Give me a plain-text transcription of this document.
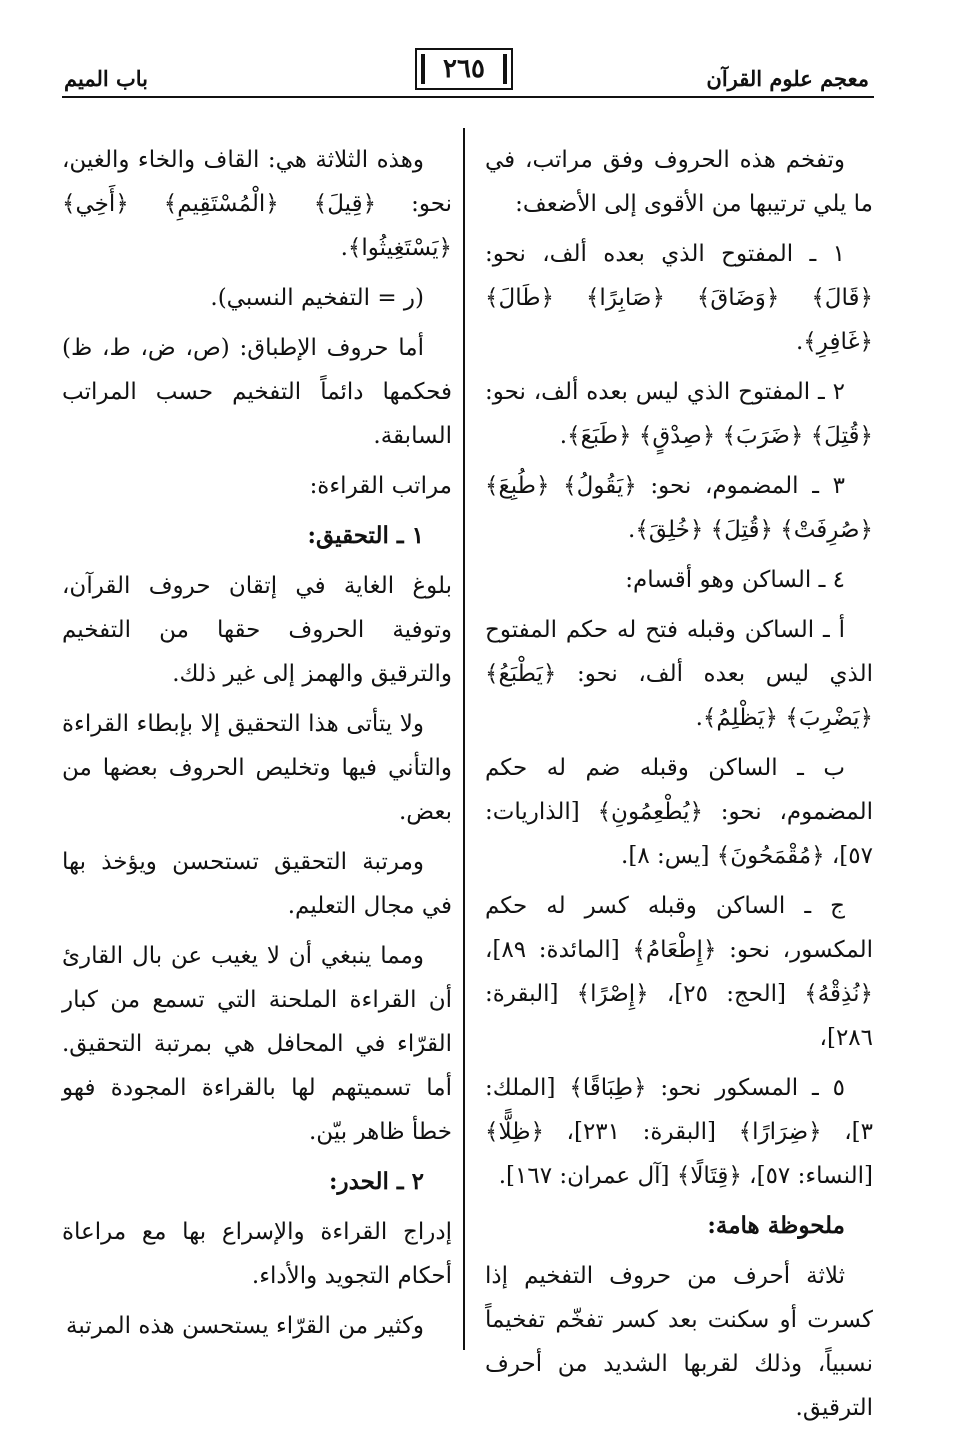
معجم علوم القرآن
٢٦٥
باب الميم

وتفخم هذه الحروف وفق مراتب، في ما يلي ترتيبها من الأقوى إلى الأضعف:

١ ـ المفتوح الذي بعده ألف، نحو: ﴿قَالَ﴾ ﴿وَضَاقَ﴾ ﴿صَابِرًا﴾ ﴿طَالَ﴾ ﴿غَافِرِ﴾.

٢ ـ المفتوح الذي ليس بعده ألف، نحو: ﴿قُتِلَ﴾ ﴿ضَرَبَ﴾ ﴿صِدْقٍ﴾ ﴿طَبَعَ﴾.

٣ ـ المضموم، نحو: ﴿يَقُولُ﴾ ﴿طُبِعَ﴾ ﴿صُرِفَتْ﴾ ﴿قُتِلَ﴾ ﴿خُلِقَ﴾.

٤ ـ الساكن وهو أقسام:

أ ـ الساكن وقبله فتح له حكم المفتوح الذي ليس بعده ألف، نحو: ﴿يَطْبَعُ﴾ ﴿يَضْرِبَ﴾ ﴿يَظْلِمُ﴾.

ب ـ الساكن وقبله ضم له حكم المضموم، نحو: ﴿يُطْعِمُونِ﴾ [الذاريات: ٥٧]، ﴿مُقْمَحُونَ﴾ [يس: ٨].

ج ـ الساكن وقبله كسر له حكم المكسور، نحو: ﴿إِطْعَامُ﴾ [المائدة: ٨٩]، ﴿نُذِقْهُ﴾ [الحج: ٢٥]، ﴿إِصْرًا﴾ [البقرة: ٢٨٦]،

٥ ـ المسكور نحو: ﴿طِبَاقًا﴾ [الملك: ٣]، ﴿ضِرَارًا﴾ [البقرة: ٢٣١]، ﴿ظِلًّا﴾ [النساء: ٥٧]، ﴿قِتَالًا﴾ [آل عمران: ١٦٧].

ملحوظة هامة:

ثلاثة أحرف من حروف التفخيم إذا كسرت أو سكنت بعد كسر تفخّم تفخيماً نسبياً، وذلك لقربها الشديد من أحرف الترقيق.

وهذه الثلاثة هي: القاف والخاء والغين، نحو: ﴿قِيلَ﴾ ﴿الْمُسْتَقِيمِ﴾ ﴿أَخِي﴾ ﴿يَسْتَغِيثُوا﴾.

(ر = التفخيم النسبي).

أما حروف الإطباق: (ص، ض، ط، ظ) فحكمها دائماً التفخيم حسب المراتب السابقة.

مراتب القراءة:

١ ـ التحقيق:

بلوغ الغاية في إتقان حروف القرآن، وتوفية الحروف حقها من التفخيم والترقيق والهمز إلى غير ذلك.

ولا يتأتى هذا التحقيق إلا بإبطاء القراءة والتأني فيها وتخليص الحروف بعضها من بعض.

ومرتبة التحقيق تستحسن ويؤخذ بها في مجال التعليم.

ومما ينبغي أن لا يغيب عن بال القارئ أن القراءة الملحنة التي تسمع من كبار القرّاء في المحافل هي بمرتبة التحقيق. أما تسميتهم لها بالقراءة المجودة فهو خطأ ظاهر بيّن.

٢ ـ الحدر:

إدراج القراءة والإسراع بها مع مراعاة أحكام التجويد والأداء.

وكثير من القرّاء يستحسن هذه المرتبة
